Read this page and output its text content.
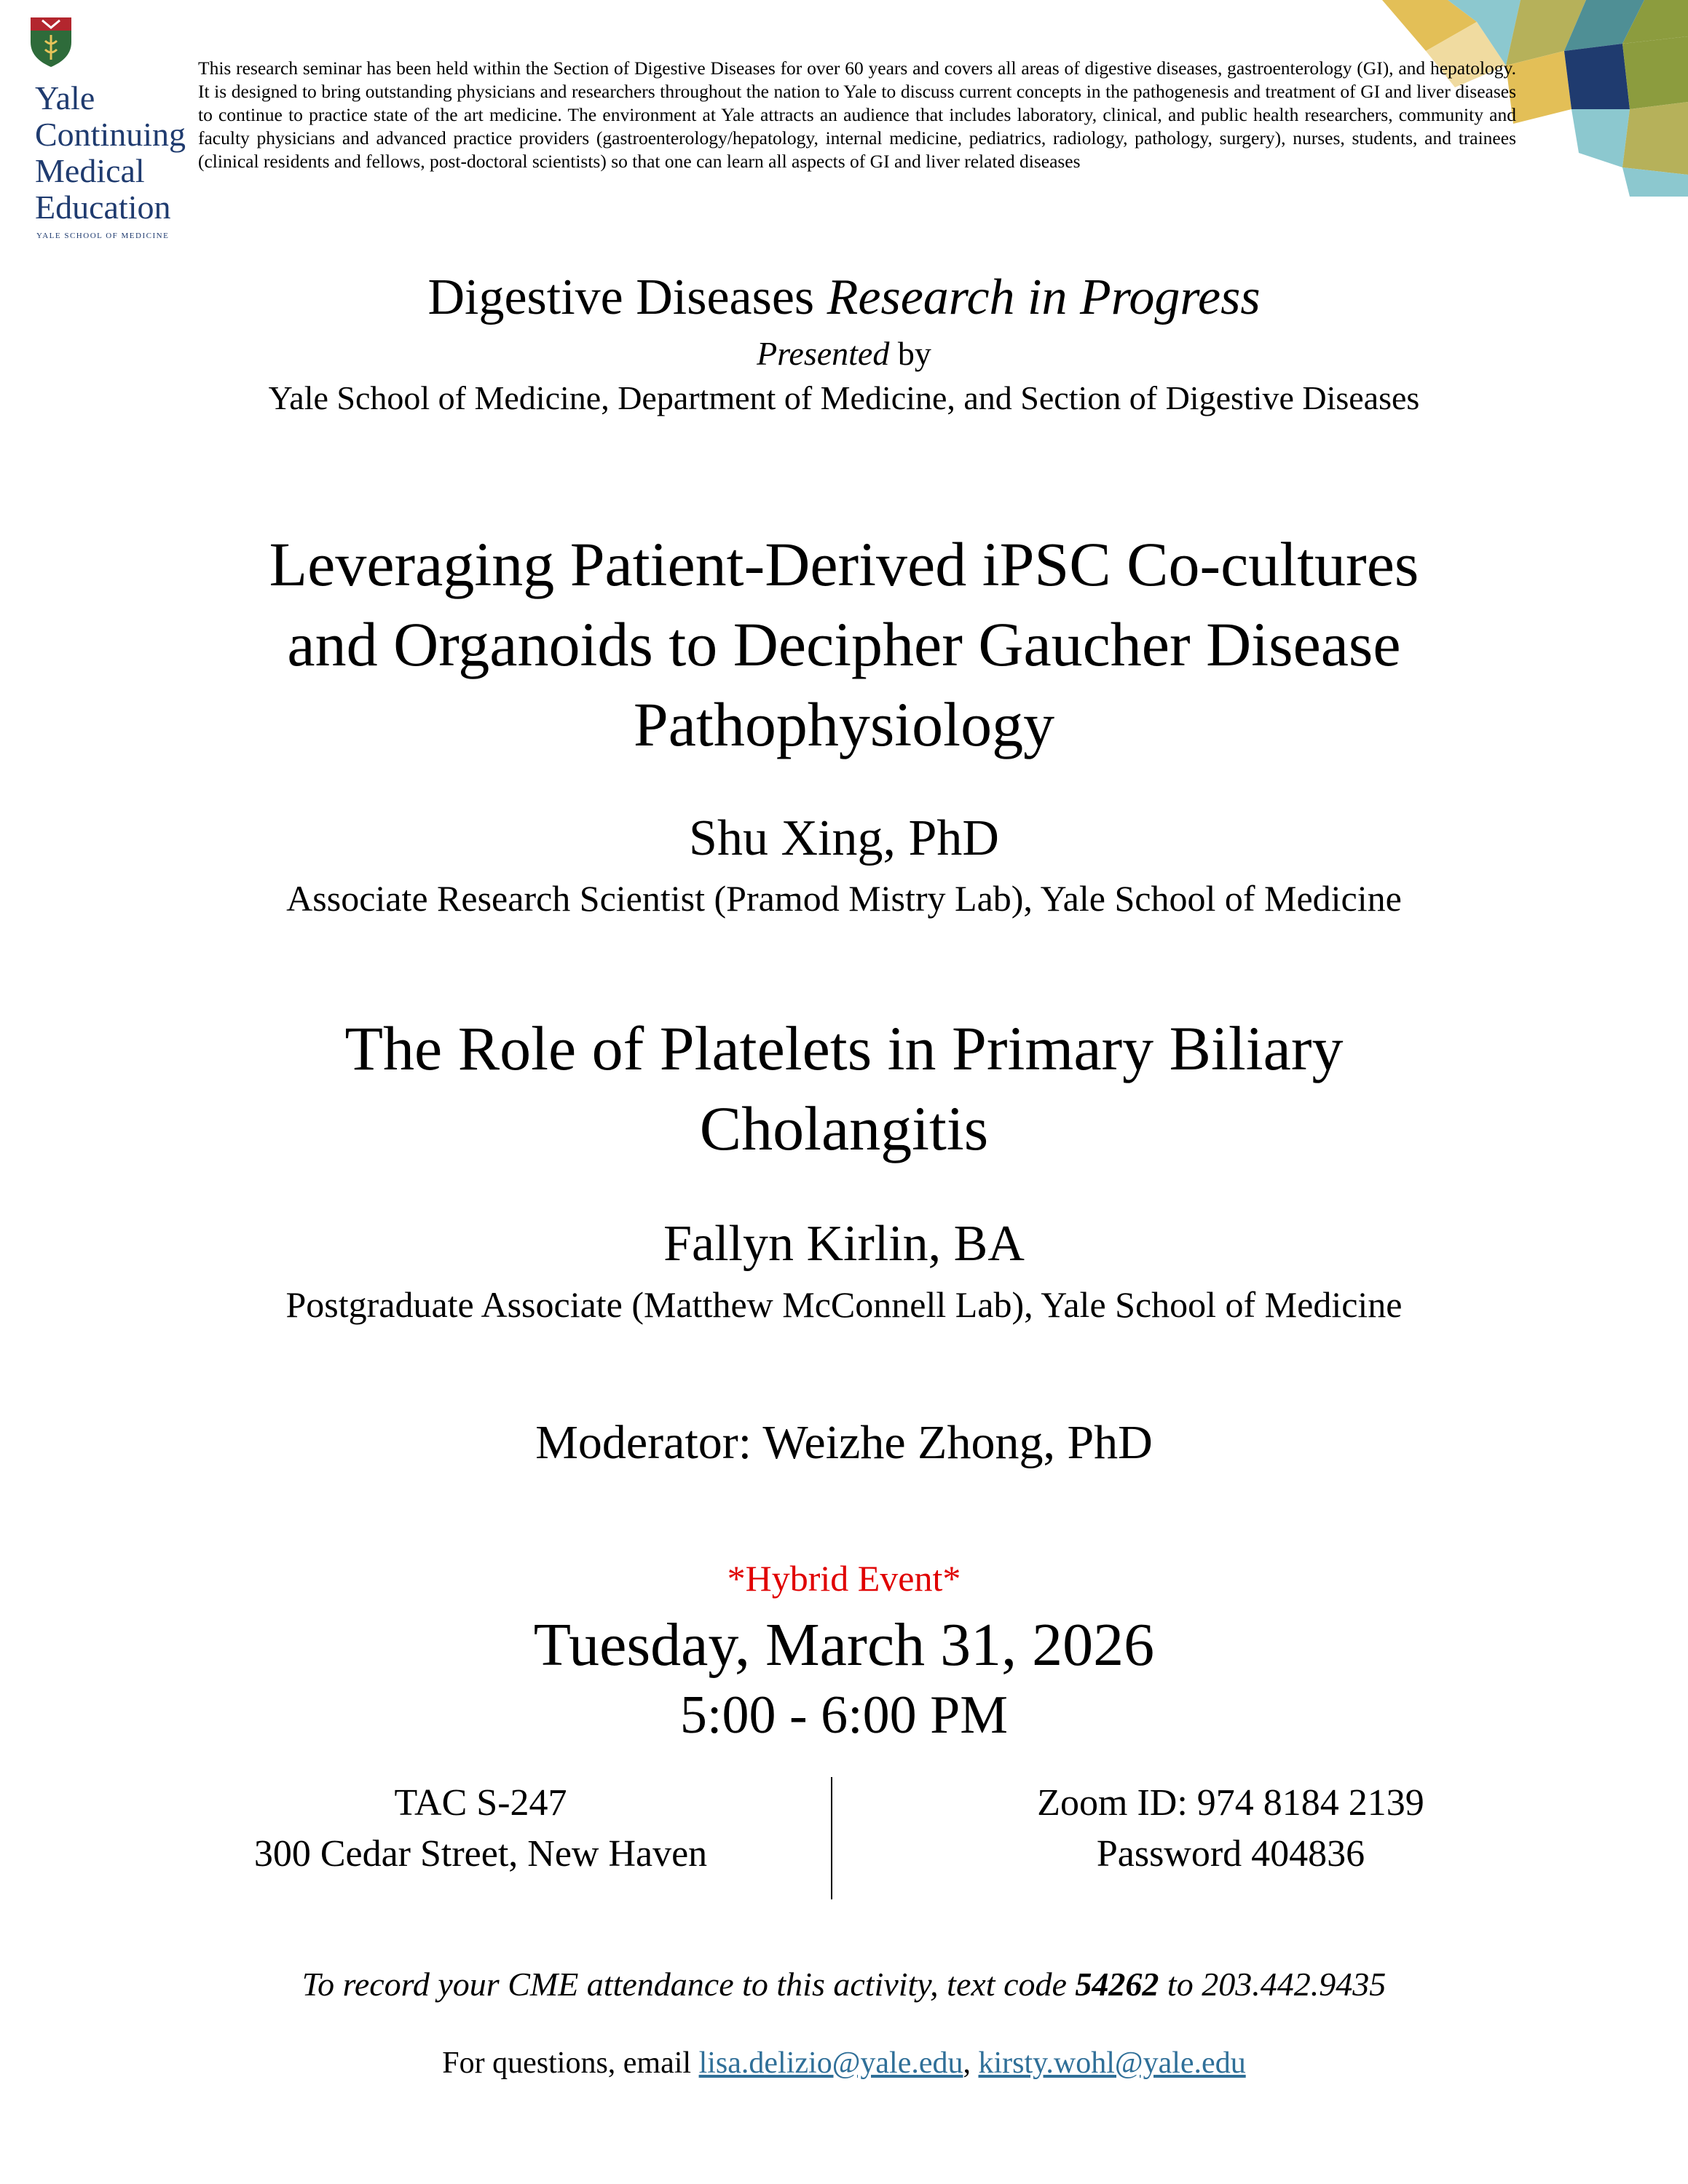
Yale
Continuing
Medical
Education
YALE SCHOOL OF MEDICINE

This research seminar has been held within the Section of Digestive Diseases for over 60 years and covers all areas of digestive diseases, gastroenterology (GI), and hepatology. It is designed to bring outstanding physicians and researchers throughout the nation to Yale to discuss current concepts in the pathogenesis and treatment of GI and liver diseases to continue to practice state of the art medicine. The environment at Yale attracts an audience that includes laboratory, clinical, and public health researchers, community and faculty physicians and advanced practice providers (gastroenterology/hepatology, internal medicine, pediatrics, radiology, pathology, surgery), nurses, students, and trainees (clinical residents and fellows, post-doctoral scientists) so that one can learn all aspects of GI and liver related diseases

Digestive Diseases Research in Progress
Presented by
Yale School of Medicine, Department of Medicine, and Section of Digestive Diseases
Leveraging Patient-Derived iPSC Co-cultures
and Organoids to Decipher Gaucher Disease
Pathophysiology
Shu Xing, PhD
Associate Research Scientist (Pramod Mistry Lab), Yale School of Medicine
The Role of Platelets in Primary Biliary
Cholangitis
Fallyn Kirlin, BA
Postgraduate Associate (Matthew McConnell Lab), Yale School of Medicine
Moderator: Weizhe Zhong, PhD
*Hybrid Event*
Tuesday, March 31, 2026
5:00 - 6:00 PM
TAC S-247
300 Cedar Street, New Haven
Zoom ID: 974 8184 2139
Password 404836
To record your CME attendance to this activity, text code 54262 to 203.442.9435
For questions, email lisa.delizio@yale.edu, kirsty.wohl@yale.edu
